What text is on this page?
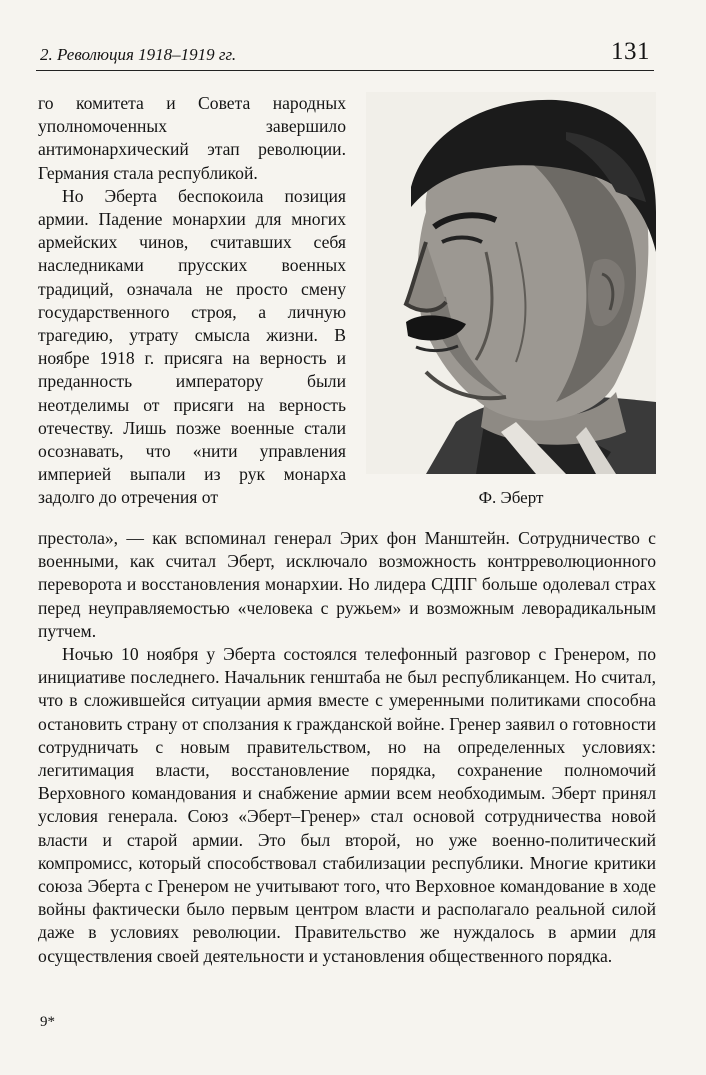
2. Революция 1918–1919 гг.	131

го комитета и Совета народных уполномоченных завершило антимонархический этап революции. Германия стала республикой.

Но Эберта беспокоила позиция армии. Падение монархии для многих армейских чинов, считавших себя наследниками прусских военных традиций, означала не просто смену государственного строя, а личную трагедию, утрату смысла жизни. В ноябре 1918 г. присяга на верность и преданность императору были неотделимы от присяги на верность отечеству. Лишь позже военные стали осознавать, что «нити управления империей выпали из рук монарха задолго до отречения от	Ф. Эберт

престола», — как вспоминал генерал Эрих фон Манштейн. Сотрудничество с военными, как считал Эберт, исключало возможность контрреволюционного переворота и восстановления монархии. Но лидера СДПГ больше одолевал страх перед неуправляемостью «человека с ружьем» и возможным леворадикальным путчем.

Ночью 10 ноября у Эберта состоялся телефонный разговор с Гренером, по инициативе последнего. Начальник генштаба не был республиканцем. Но считал, что в сложившейся ситуации армия вместе с умеренными политиками способна остановить страну от сползания к гражданской войне. Гренер заявил о готовности сотрудничать с новым правительством, но на определенных условиях: легитимация власти, восстановление порядка, сохранение полномочий Верховного командования и снабжение армии всем необходимым. Эберт принял условия генерала. Союз «Эберт–Гренер» стал основой сотрудничества новой власти и старой армии. Это был второй, но уже военно-политический компромисс, который способствовал стабилизации республики. Многие критики союза Эберта с Гренером не учитывают того, что Верховное командование в ходе войны фактически было первым центром власти и располагало реальной силой даже в условиях революции. Правительство же нуждалось в армии для осуществления своей деятельности и установления общественного порядка.

9*
